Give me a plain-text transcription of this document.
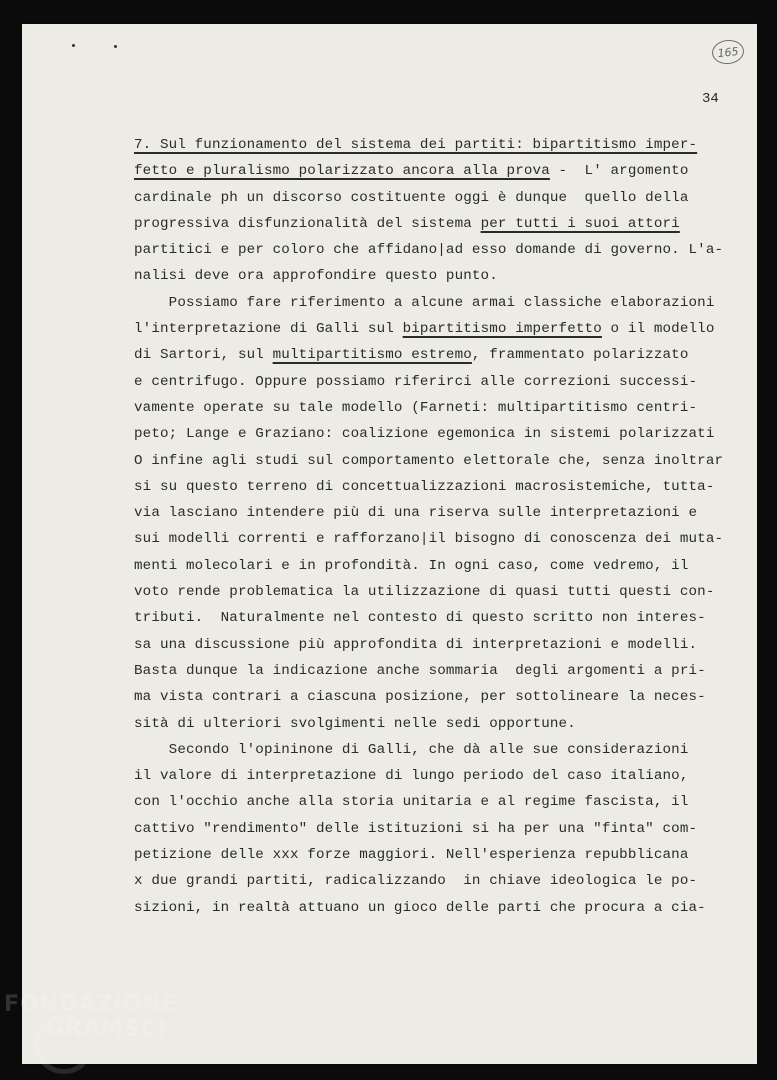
165
34
7. Sul funzionamento del sistema dei partiti: bipartitismo imper-
fetto e pluralismo polarizzato ancora alla prova -  L' argomento
cardinale ph un discorso costituente oggi è dunque  quello della
progressiva disfunzionalità del sistema per tutti i suoi attori
partitici e per coloro che affidano|ad esso domande di governo. L'a-
nalisi deve ora approfondire questo punto.
Possiamo fare riferimento a alcune armai classiche elaborazioni
l'interpretazione di Galli sul bipartitismo imperfetto o il modello
di Sartori, sul multipartitismo estremo, frammentato polarizzato
e centrifugo. Oppure possiamo riferirci alle correzioni successi-
vamente operate su tale modello (Farneti: multipartitismo centri-
peto; Lange e Graziano: coalizione egemonica in sistemi polarizzati
O infine agli studi sul comportamento elettorale che, senza inoltrar
si su questo terreno di concettualizzazioni macrosistemiche, tutta-
via lasciano intendere più di una riserva sulle interpretazioni e
sui modelli correnti e rafforzano|il bisogno di conoscenza dei muta-
menti molecolari e in profondità. In ogni caso, come vedremo, il
voto rende problematica la utilizzazione di quasi tutti questi con-
tributi.  Naturalmente nel contesto di questo scritto non interes-
sa una discussione più approfondita di interpretazioni e modelli.
Basta dunque la indicazione anche sommaria  degli argomenti a pri-
ma vista contrari a ciascuna posizione, per sottolineare la neces-
sità di ulteriori svolgimenti nelle sedi opportune.
Secondo l'opininone di Galli, che dà alle sue considerazioni
il valore di interpretazione di lungo periodo del caso italiano,
con l'occhio anche alla storia unitaria e al regime fascista, il
cattivo "rendimento" delle istituzioni si ha per una "finta" com-
petizione delle xxx forze maggiori. Nell'esperienza repubblicana
x due grandi partiti, radicalizzando  in chiave ideologica le po-
sizioni, in realtà attuano un gioco delle parti che procura a cia-
FONDAZIONE
GRAMSCI
onlus
